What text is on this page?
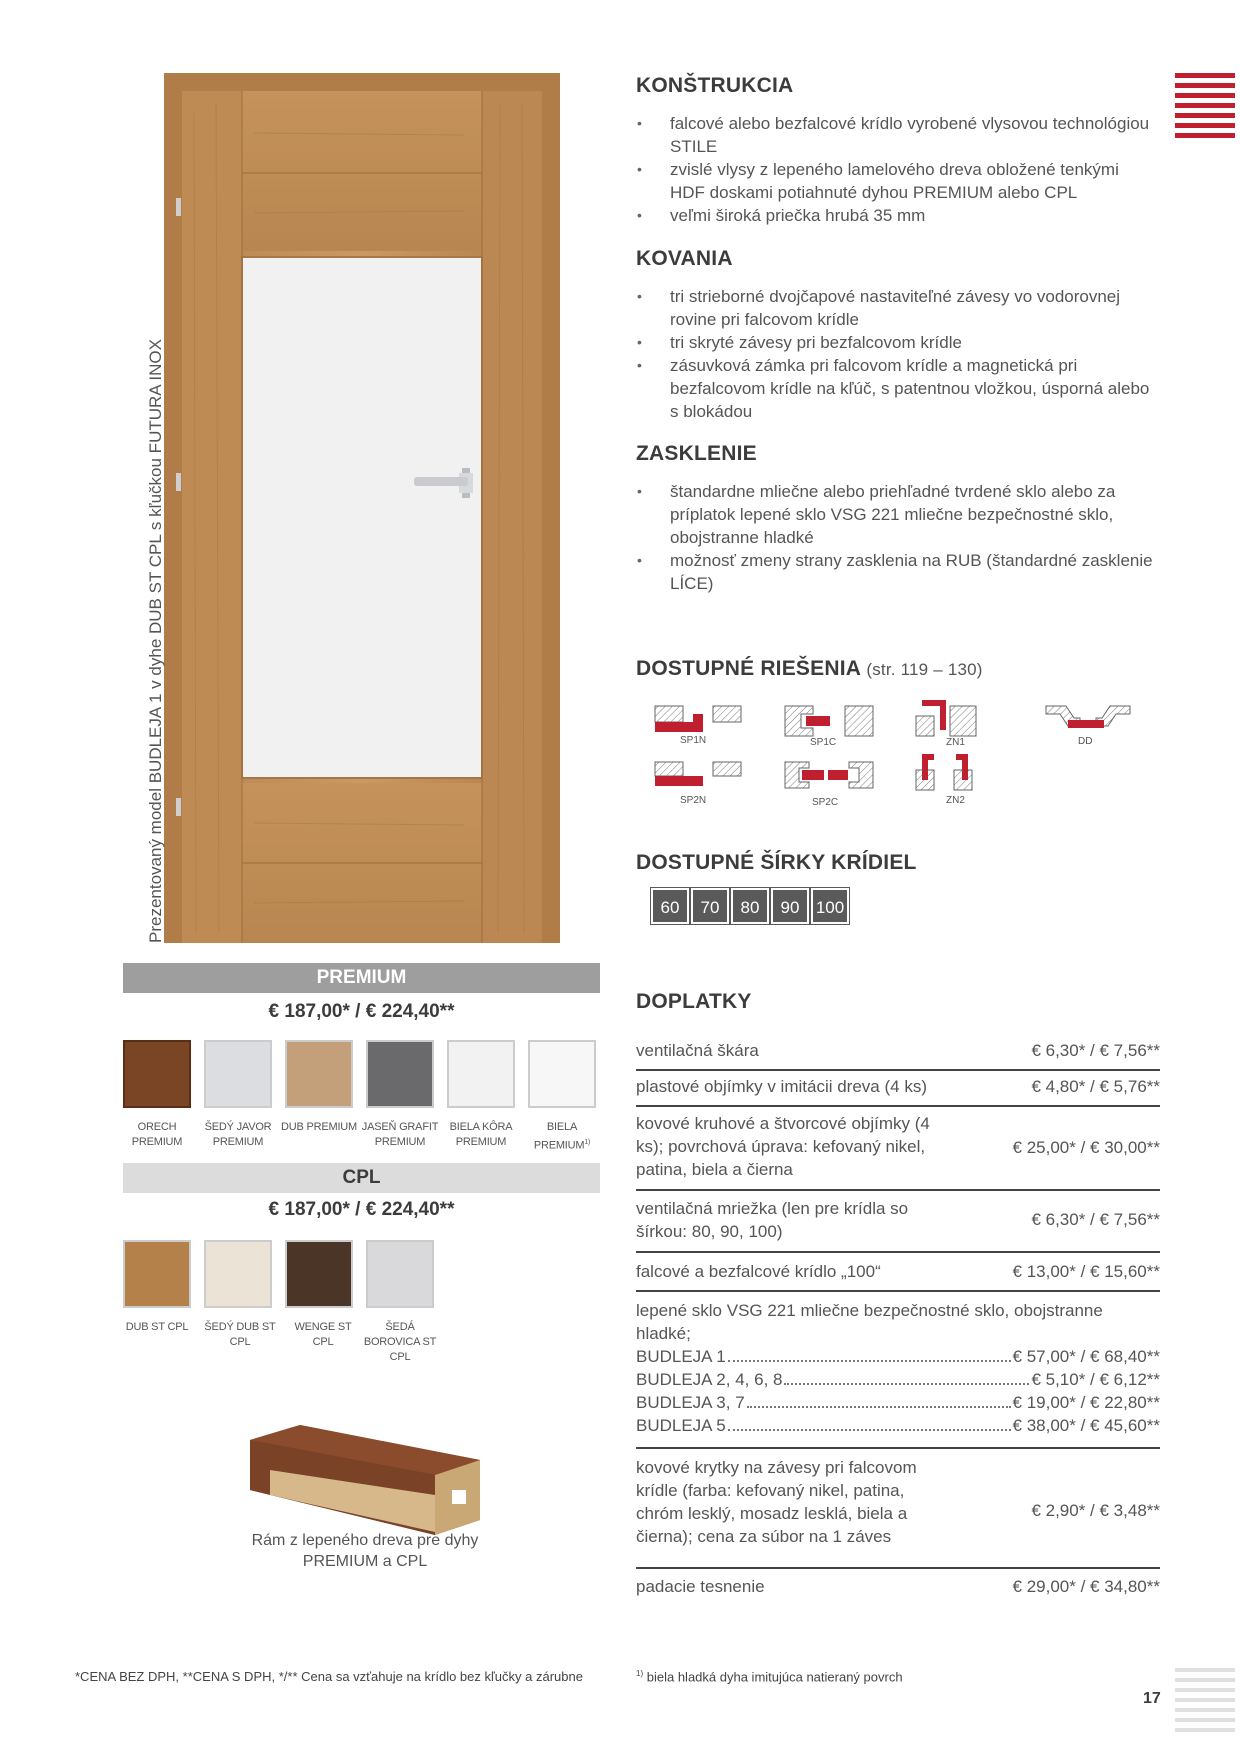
Prezentovaný model BUDLEJA 1 v dyhe DUB ST CPL s kľučkou FUTURA INOX
KONŠTRUKCIA
• falcové alebo bezfalcové krídlo vyrobené vlysovou technológiou STILE
• zvislé vlysy z lepeného lamelového dreva obložené tenkými HDF doskami potiahnuté dyhou PREMIUM alebo CPL
• veľmi široká priečka hrubá 35 mm
KOVANIA
• tri strieborné dvojčapové nastaviteľné závesy vo vodorovnej rovine pri falcovom krídle
• tri skryté závesy pri bezfalcovom krídle
• zásuvková zámka pri falcovom krídle a magnetická pri bezfalcovom krídle na kľúč, s patentnou vložkou, úsporná alebo s blokádou
ZASKLENIE
• štandardne mliečne alebo priehľadné tvrdené sklo alebo za príplatok lepené sklo VSG 221 mliečne bezpečnostné sklo, obojstranne hladké
• možnosť zmeny strany zasklenia na RUB (štandardné zasklenie LÍCE)
DOSTUPNÉ RIEŠENIA (str. 119 – 130)
SP1N	SP1C	ZN1	DD
SP2N	SP2C	ZN2
DOSTUPNÉ ŠÍRKY KRÍDIEL
60	70	80	90 100
PREMIUM
€ 187,00* / € 224,40**
ORECH PREMIUM
ŠEDÝ JAVOR PREMIUM
DUB PREMIUM JASEŇ GRAFIT PREMIUM
BIELA KÔRA PREMIUM
BIELA PREMIUM$^{1)}$
CPL
€ 187,00* / € 224,40**
DUB ST CPL	ŠEDÝ DUB ST CPL
WENGE ST CPL
ŠEDÁ BOROVICA ST CPL
Rám z lepeného dreva pre dyhy PREMIUM a CPL
DOPLATKY
ventilačná škára	€ 6,30* / € 7,56**
plastové objímky v imitácii dreva (4 ks)	€ 4,80* / € 5,76**
kovové kruhové a štvorcové objímky (4 ks); povrchová úprava: kefovaný nikel, patina, biela a čierna
€ 25,00* / € 30,00**
ventilačná mriežka (len pre krídla so šírkou: 80, 90, 100)
€ 6,30* / € 7,56**
falcové a bezfalcové krídlo „100“	€ 13,00* / € 15,60**
lepené sklo VSG 221 mliečne bezpečnostné sklo, obojstranne hladké;
BUDLEJA 1	€ 57,00* / € 68,40**
BUDLEJA 2, 4, 6, 8	€ 5,10* / € 6,12**
BUDLEJA 3, 7	€ 19,00* / € 22,80**
BUDLEJA 5	€ 38,00* / € 45,60**
kovové krytky na závesy pri falcovom krídle (farba: kefovaný nikel, patina, chróm lesklý, mosadz lesklá, biela a čierna); cena za súbor na 1 záves
€ 2,90* / € 3,48**
padacie tesnenie	€ 29,00* / € 34,80**
*CENA BEZ DPH, **CENA S DPH, */** Cena sa vzťahuje na krídlo bez kľučky a zárubne	$^{1)}$ biela hladká dyha imitujúca natieraný povrch
17
